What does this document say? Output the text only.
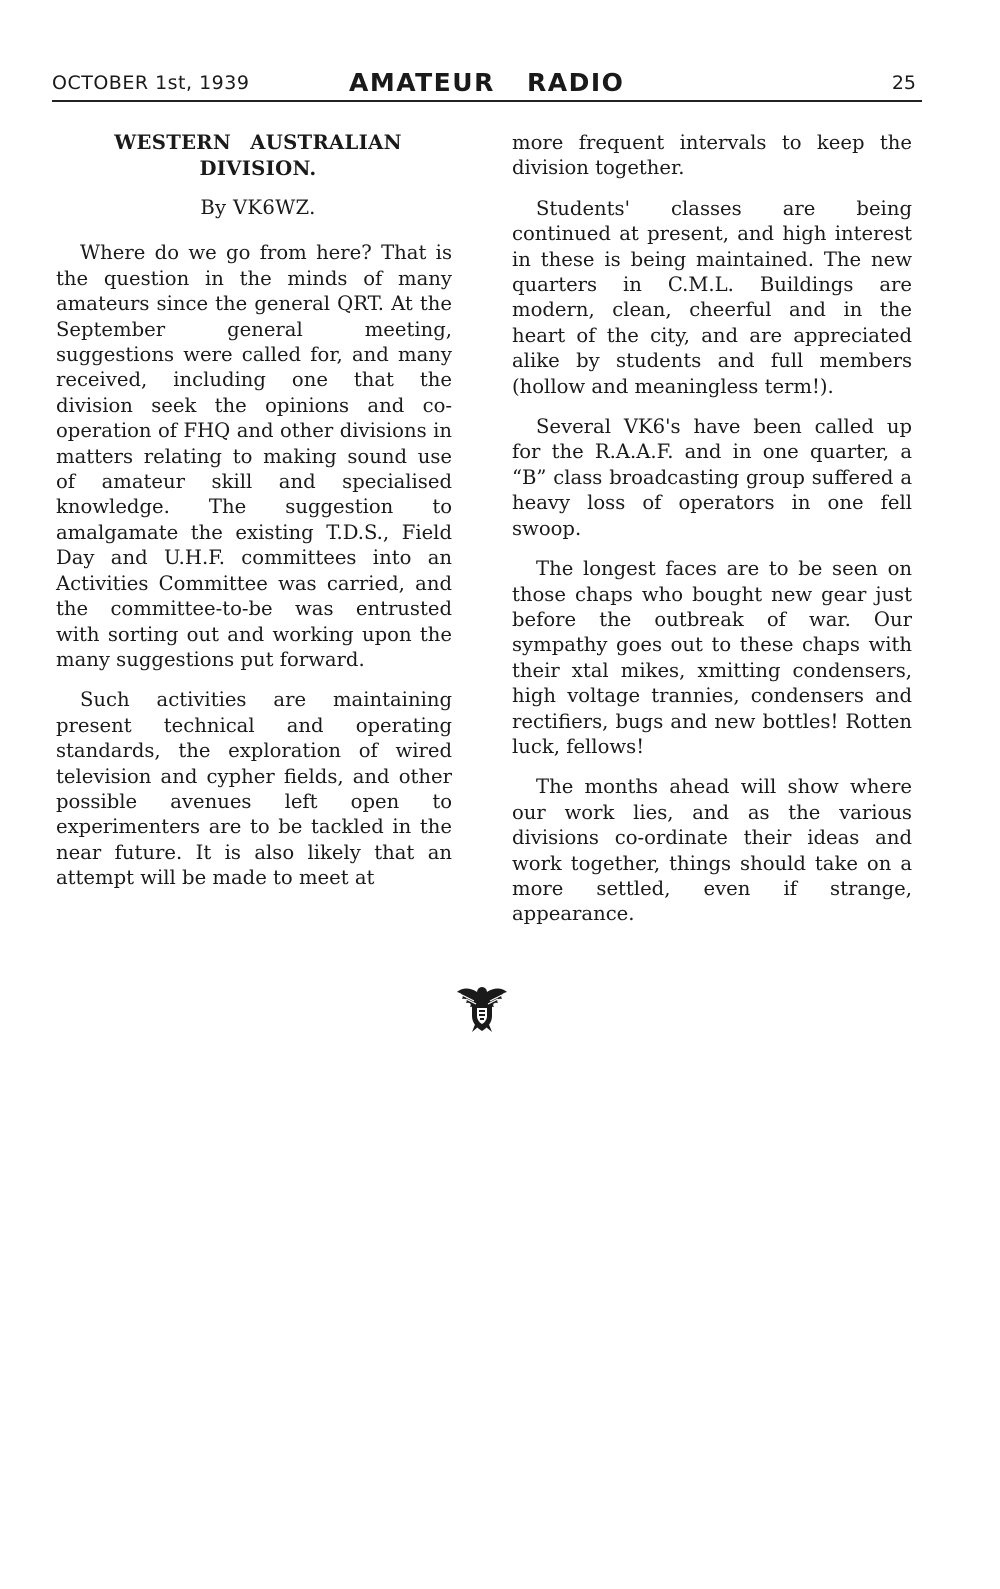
OCTOBER 1st, 1939	AMATEUR RADIO	25
WESTERN AUSTRALIAN DIVISION.
By VK6WZ.

Where do we go from here? That is the question in the minds of many amateurs since the general QRT. At the September general meeting, suggestions were called for, and many received, including one that the division seek the opinions and co-operation of FHQ and other divisions in matters relating to making sound use of amateur skill and specialised knowledge. The suggestion to amalgamate the existing T.D.S., Field Day and U.H.F. committees into an Activities Committee was carried, and the committee-to-be was entrusted with sorting out and working upon the many suggestions put forward.

Such activities are maintaining present technical and operating standards, the exploration of wired television and cypher fields, and other possible avenues left open to experimenters are to be tackled in the near future. It is also likely that an attempt will be made to meet at

more frequent intervals to keep the division together.

Students' classes are being continued at present, and high interest in these is being maintained. The new quarters in C.M.L. Buildings are modern, clean, cheerful and in the heart of the city, and are appreciated alike by students and full members (hollow and meaningless term!).

Several VK6's have been called up for the R.A.A.F. and in one quarter, a “B” class broadcasting group suffered a heavy loss of operators in one fell swoop.

The longest faces are to be seen on those chaps who bought new gear just before the outbreak of war. Our sympathy goes out to these chaps with their xtal mikes, xmitting condensers, high voltage trannies, condensers and rectifiers, bugs and new bottles! Rotten luck, fellows!

The months ahead will show where our work lies, and as the various divisions co-ordinate their ideas and work together, things should take on a more settled, even if strange, appearance.
